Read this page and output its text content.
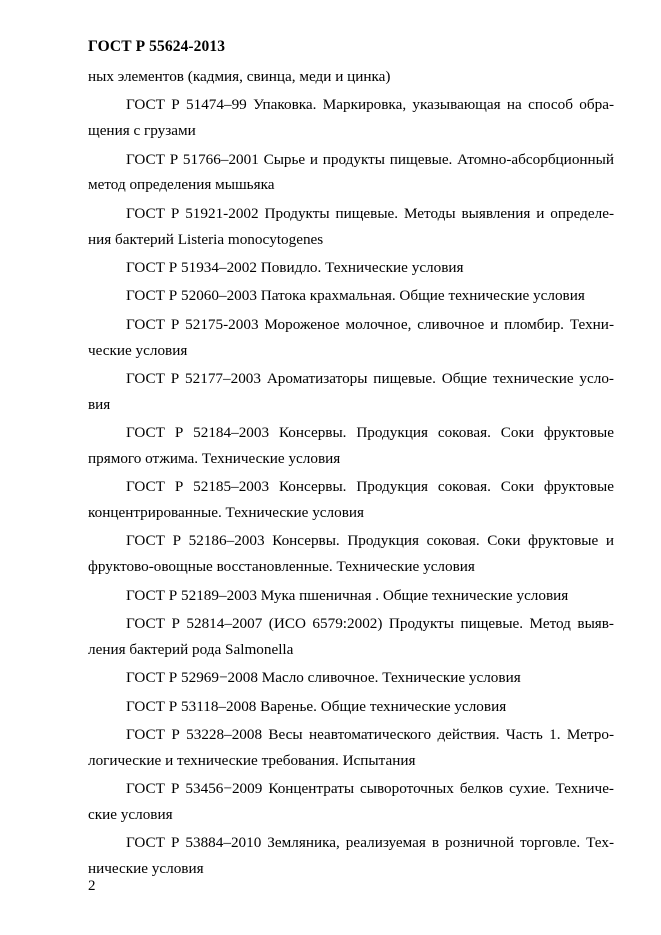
ГОСТ Р 55624-2013

ных элементов (кадмия, свинца, меди и цинка)

ГОСТ Р 51474–99 Упаковка. Маркировка, указывающая на способ обра-щения с грузами

ГОСТ Р 51766–2001 Сырье и продукты пищевые. Атомно-абсорбционный метод определения мышьяка

ГОСТ Р 51921-2002 Продукты пищевые. Методы выявления и определе-ния бактерий Listeria monocytogenes

ГОСТ Р 51934–2002 Повидло. Технические условия

ГОСТ Р 52060–2003 Патока крахмальная. Общие технические условия

ГОСТ Р 52175-2003 Мороженое молочное, сливочное и пломбир. Техни-ческие условия

ГОСТ Р 52177–2003 Ароматизаторы пищевые. Общие технические усло-вия

ГОСТ Р 52184–2003 Консервы. Продукция соковая. Соки фруктовые прямого отжима. Технические условия

ГОСТ Р 52185–2003 Консервы. Продукция соковая. Соки фруктовые концентрированные. Технические условия

ГОСТ Р 52186–2003 Консервы. Продукция соковая. Соки фруктовые и фруктово-овощные восстановленные. Технические условия

ГОСТ Р 52189–2003 Мука пшеничная . Общие технические условия

ГОСТ Р 52814–2007 (ИСО 6579:2002) Продукты пищевые. Метод выяв-ления бактерий рода Salmonella

ГОСТ Р 52969−2008 Масло сливочное. Технические условия

ГОСТ Р 53118–2008 Варенье. Общие технические условия

ГОСТ Р 53228–2008 Весы неавтоматического действия. Часть 1. Метро-логические и технические требования. Испытания

ГОСТ Р 53456−2009 Концентраты сывороточных белков сухие. Техниче-ские условия

ГОСТ Р 53884–2010 Земляника, реализуемая в розничной торговле. Тех-нические условия

2
